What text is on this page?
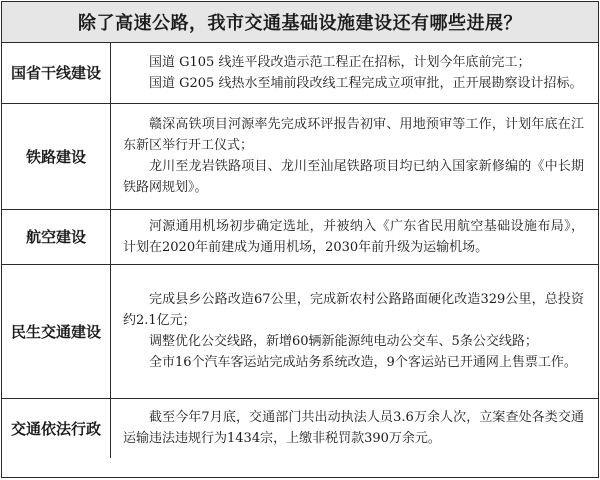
除了高速公路，我市交通基础设施建设还有哪些进展？
国省干线建设	国道 G105 线连平段改造示范工程正在招标，计划今年底前完工；

国道 G205 线热水至埔前段改线工程完成立项审批，正开展勘察设计招标。

铁路建设	赣深高铁项目河源率先完成环评报告初审、用地预审等工作，计划年底在江东新区举行开工仪式；

龙川至龙岩铁路项目、龙川至汕尾铁路项目均已纳入国家新修编的《中长期铁路网规划》。

航空建设	河源通用机场初步确定选址，并被纳入《广东省民用航空基础设施布局》，计划在2020年前建成为通用机场，2030年前升级为运输机场。

民生交通建设	完成县乡公路改造67公里，完成新农村公路路面硬化改造329公里，总投资约2.1亿元；

调整优化公交线路，新增60辆新能源纯电动公交车、5条公交线路；

全市16个汽车客运站完成站务系统改造，9个客运站已开通网上售票工作。

交通依法行政	截至今年7月底，交通部门共出动执法人员3.6万余人次，立案查处各类交通运输违法违规行为1434宗，上缴非税罚款390万余元。
